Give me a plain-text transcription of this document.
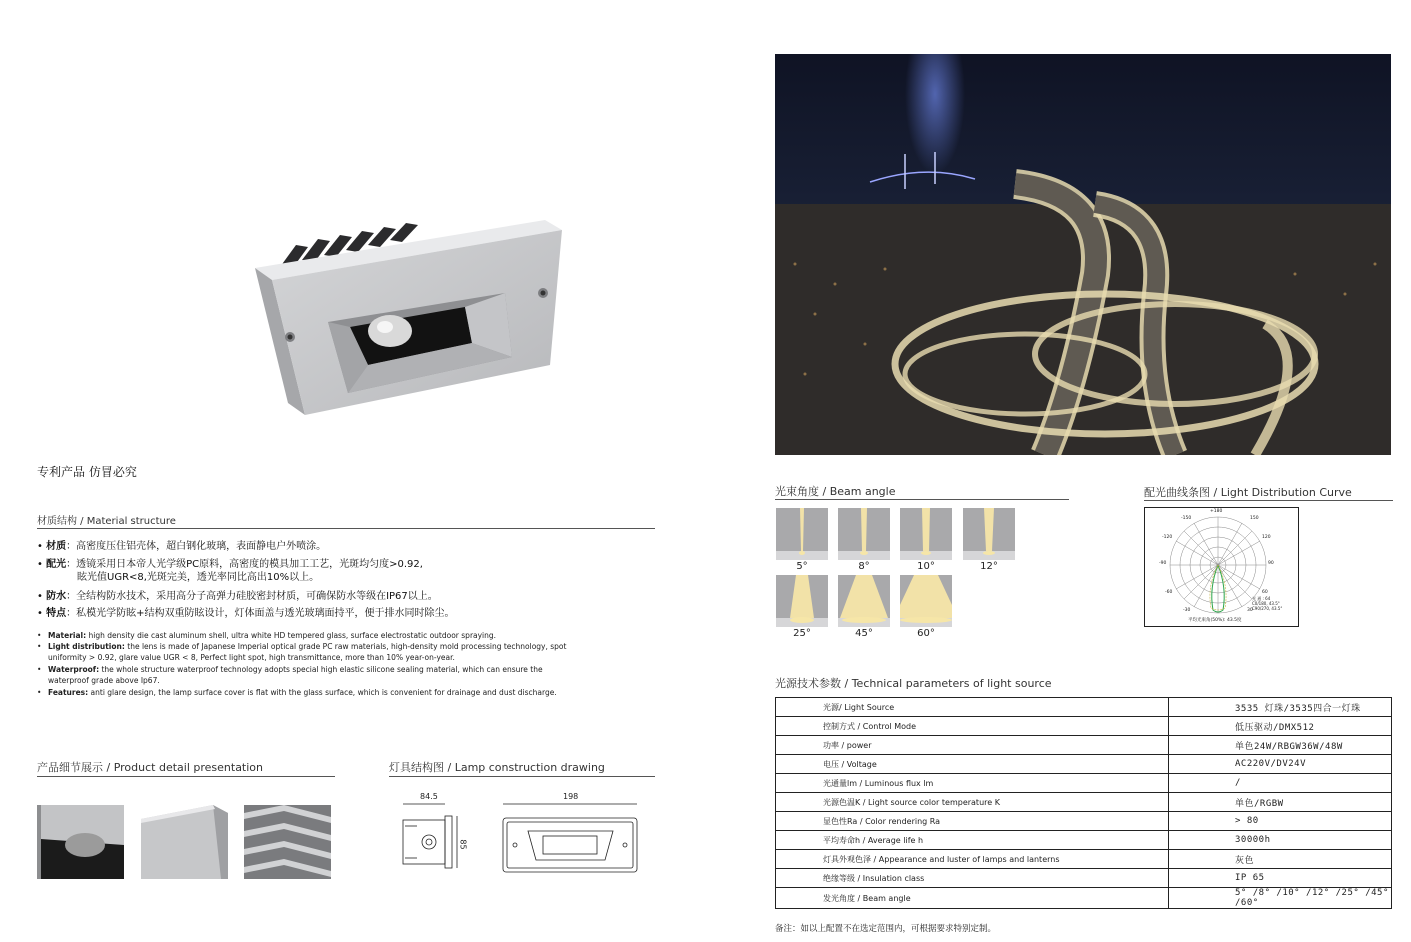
专利产品 仿冒必究
材质结构 / Material structure
• 材质：高密度压住铝壳体，超白钢化玻璃，表面静电户外喷涂。
• 配光：透镜采用日本帝人光学级PC原料，高密度的模具加工工艺，光斑均匀度>0.92,
眩光值UGR<8,光斑完美，透光率同比高出10%以上。
• 防水：全结构防水技术，采用高分子高弹力硅胶密封材质，可确保防水等级在IP67以上。
• 特点：私模光学防眩+结构双重防眩设计，灯体面盖与透光玻璃面持平，便于排水同时除尘。
• Material: high density die cast aluminum shell, ultra white HD tempered glass, surface electrostatic outdoor spraying.
• Light distribution: the lens is made of Japanese Imperial optical grade PC raw materials, high-density mold processing technology, spot uniformity > 0.92, glare value UGR < 8, Perfect light spot, high transmittance, more than 10% year-on-year.
• Waterproof: the whole structure waterproof technology adopts special high elastic silicone sealing material, which can ensure the waterproof grade above Ip67.
• Features: anti glare design, the lamp surface cover is flat with the glass surface, which is convenient for drainage and dust discharge.
产品细节展示 / Product detail presentation	灯具结构图 / Lamp construction drawing
84.5	198
85
光束角度 / Beam angle
5°	8°	10°	12°
25°	45°	60°
配光曲线条图 / Light Distribution Curve
+180
-150	150
-120	120
-90	90
-60	60
-30	30
光 通 : 64
C0/180, 43.5°
C90/270, 43.5°
平均光束角(50%): 43.5度
光源技术参数 / Technical parameters of light source
光源/ Light Source	3535 灯珠/3535四合一灯珠
控制方式 / Control Mode	低压驱动/DMX512
功率 / power	单色24W/RBGW36W/48W
电压 / Voltage	AC220V/DV24V
光通量lm / Luminous flux lm	/
光源色温K / Light source color temperature K	单色/RGBW
显色性Ra / Color rendering Ra	> 80
平均寿命h / Average life h	30000h
灯具外观色泽 / Appearance and luster of lamps and lanterns	灰色
绝缘等级 / Insulation class	IP 65
发光角度 / Beam angle	5° /8° /10° /12° /25° /45° /60°
备注：如以上配置不在选定范围内，可根据要求特别定制。
